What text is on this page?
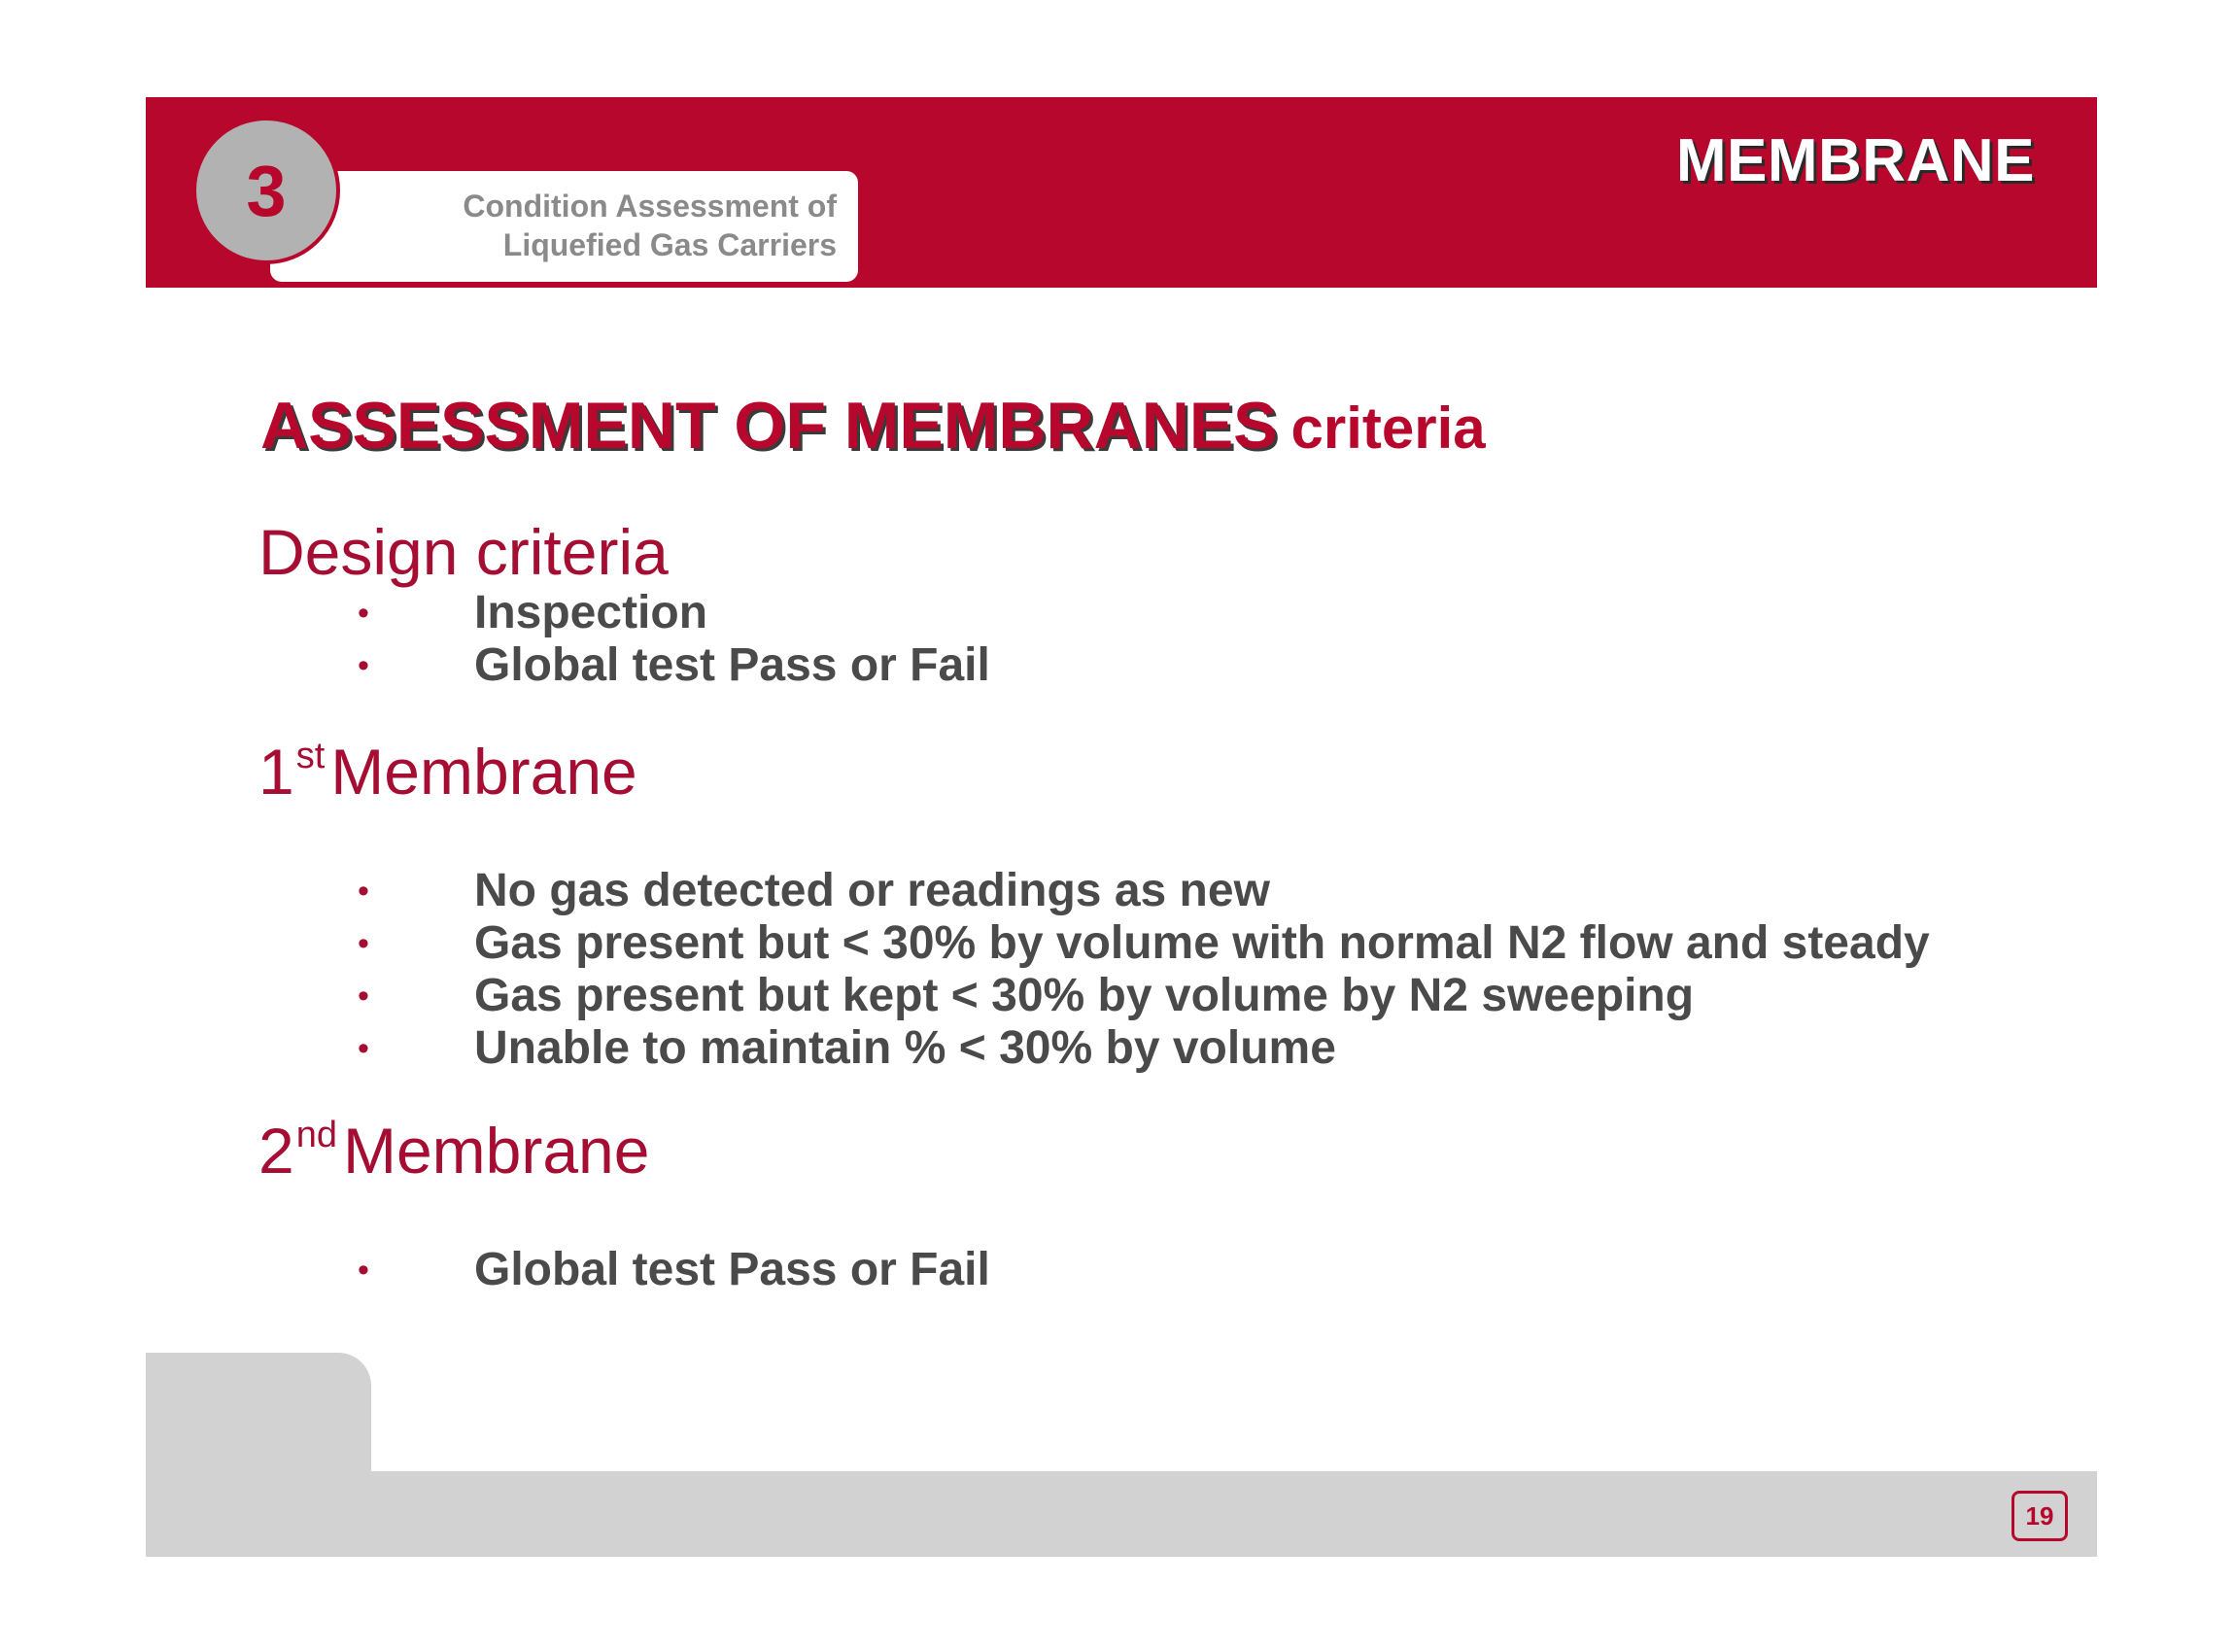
MEMBRANE
Condition Assessment of
Liquefied Gas Carriers
3
ASSESSMENT OF MEMBRANES criteria
Design criteria
• Inspection
• Global test Pass or Fail
1stMembrane
• No gas detected or readings as new
• Gas present but < 30% by volume with normal N2 flow and steady
• Gas present but kept < 30% by volume by N2 sweeping
• Unable to maintain % < 30% by volume
2ndMembrane
• Global test Pass or Fail
19
